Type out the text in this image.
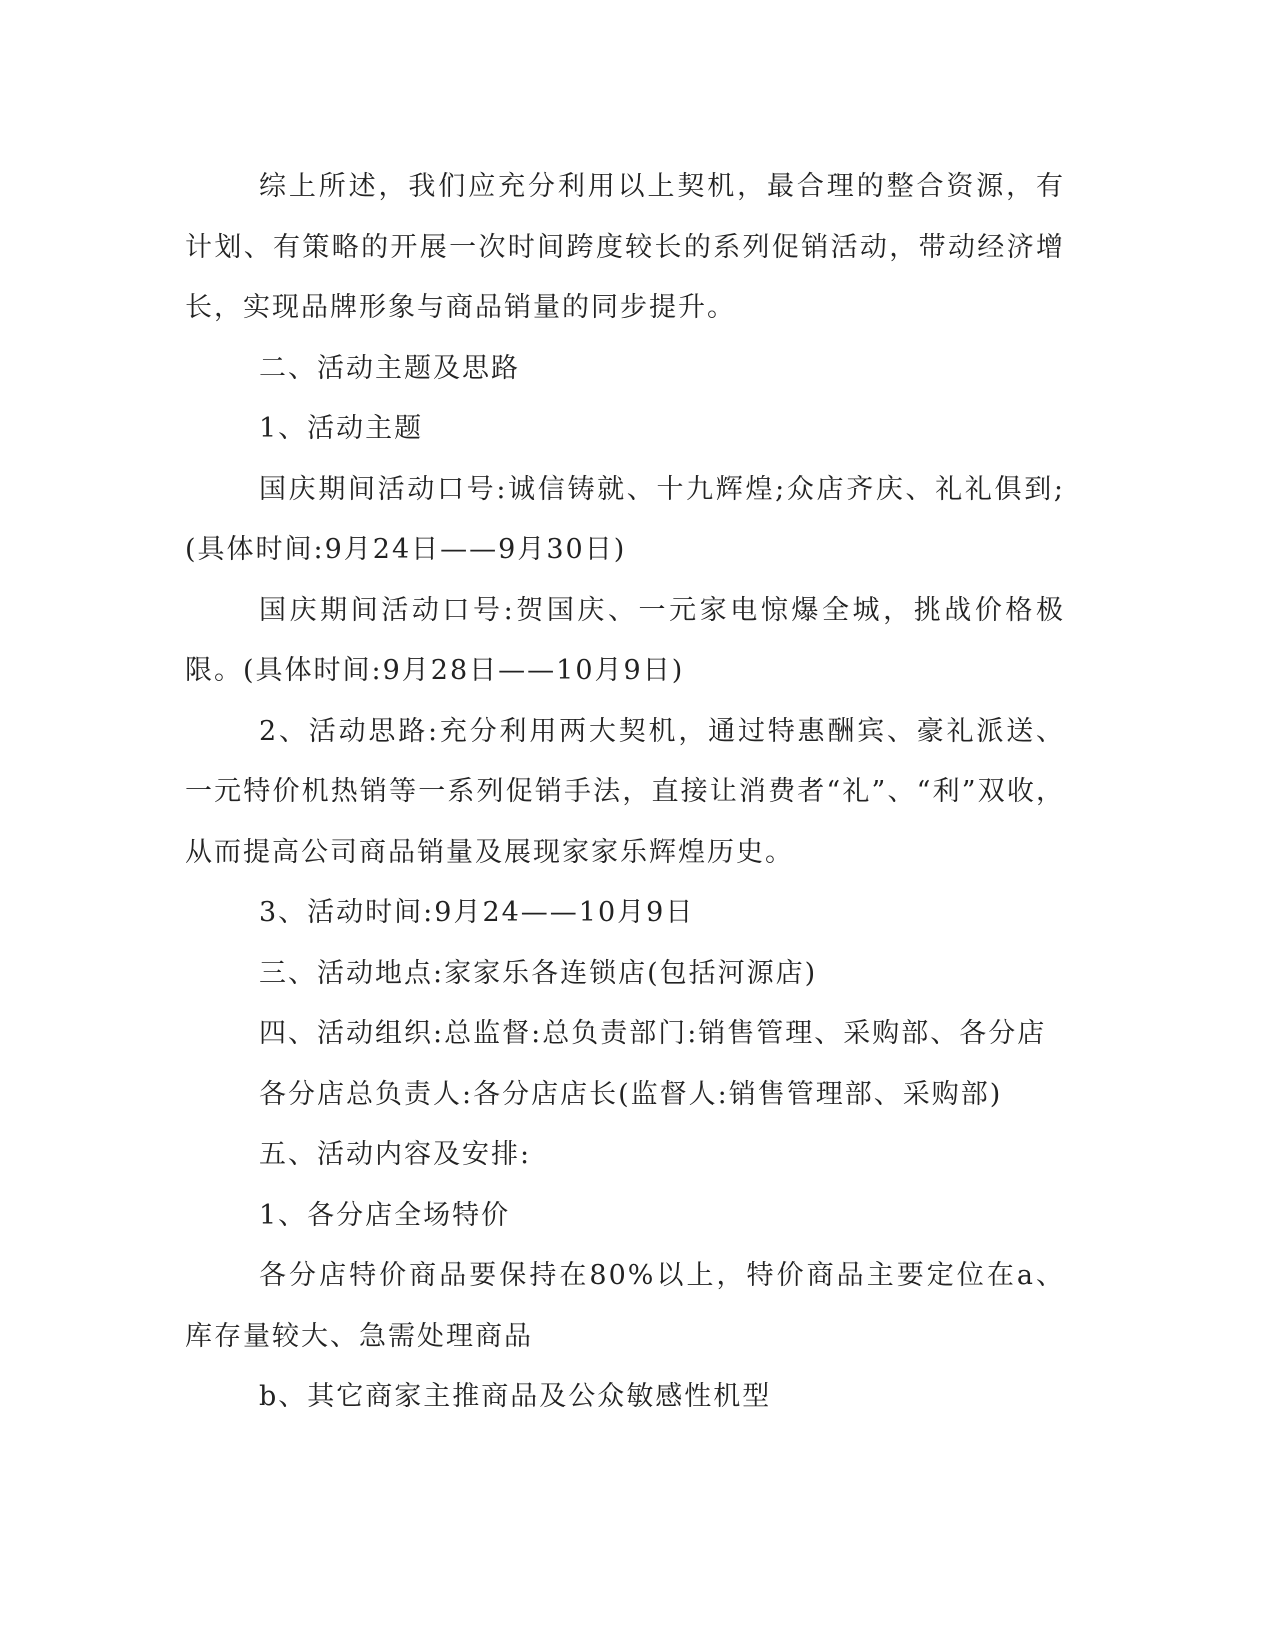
综上所述，我们应充分利用以上契机，最合理的整合资源，有计划、有策略的开展一次时间跨度较长的系列促销活动，带动经济增长，实现品牌形象与商品销量的同步提升。

二、活动主题及思路

1、活动主题

国庆期间活动口号:诚信铸就、十九辉煌;众店齐庆、礼礼俱到;(具体时间:9月24日——9月30日)

国庆期间活动口号:贺国庆、一元家电惊爆全城，挑战价格极限。(具体时间:9月28日——10月9日)

2、活动思路:充分利用两大契机，通过特惠酬宾、豪礼派送、一元特价机热销等一系列促销手法，直接让消费者“礼”、“利”双收，从而提高公司商品销量及展现家家乐辉煌历史。

3、活动时间:9月24——10月9日

三、活动地点:家家乐各连锁店(包括河源店)

四、活动组织:总监督:总负责部门:销售管理、采购部、各分店

各分店总负责人:各分店店长(监督人:销售管理部、采购部)

五、活动内容及安排:

1、各分店全场特价

各分店特价商品要保持在80%以上，特价商品主要定位在a、库存量较大、急需处理商品

b、其它商家主推商品及公众敏感性机型
